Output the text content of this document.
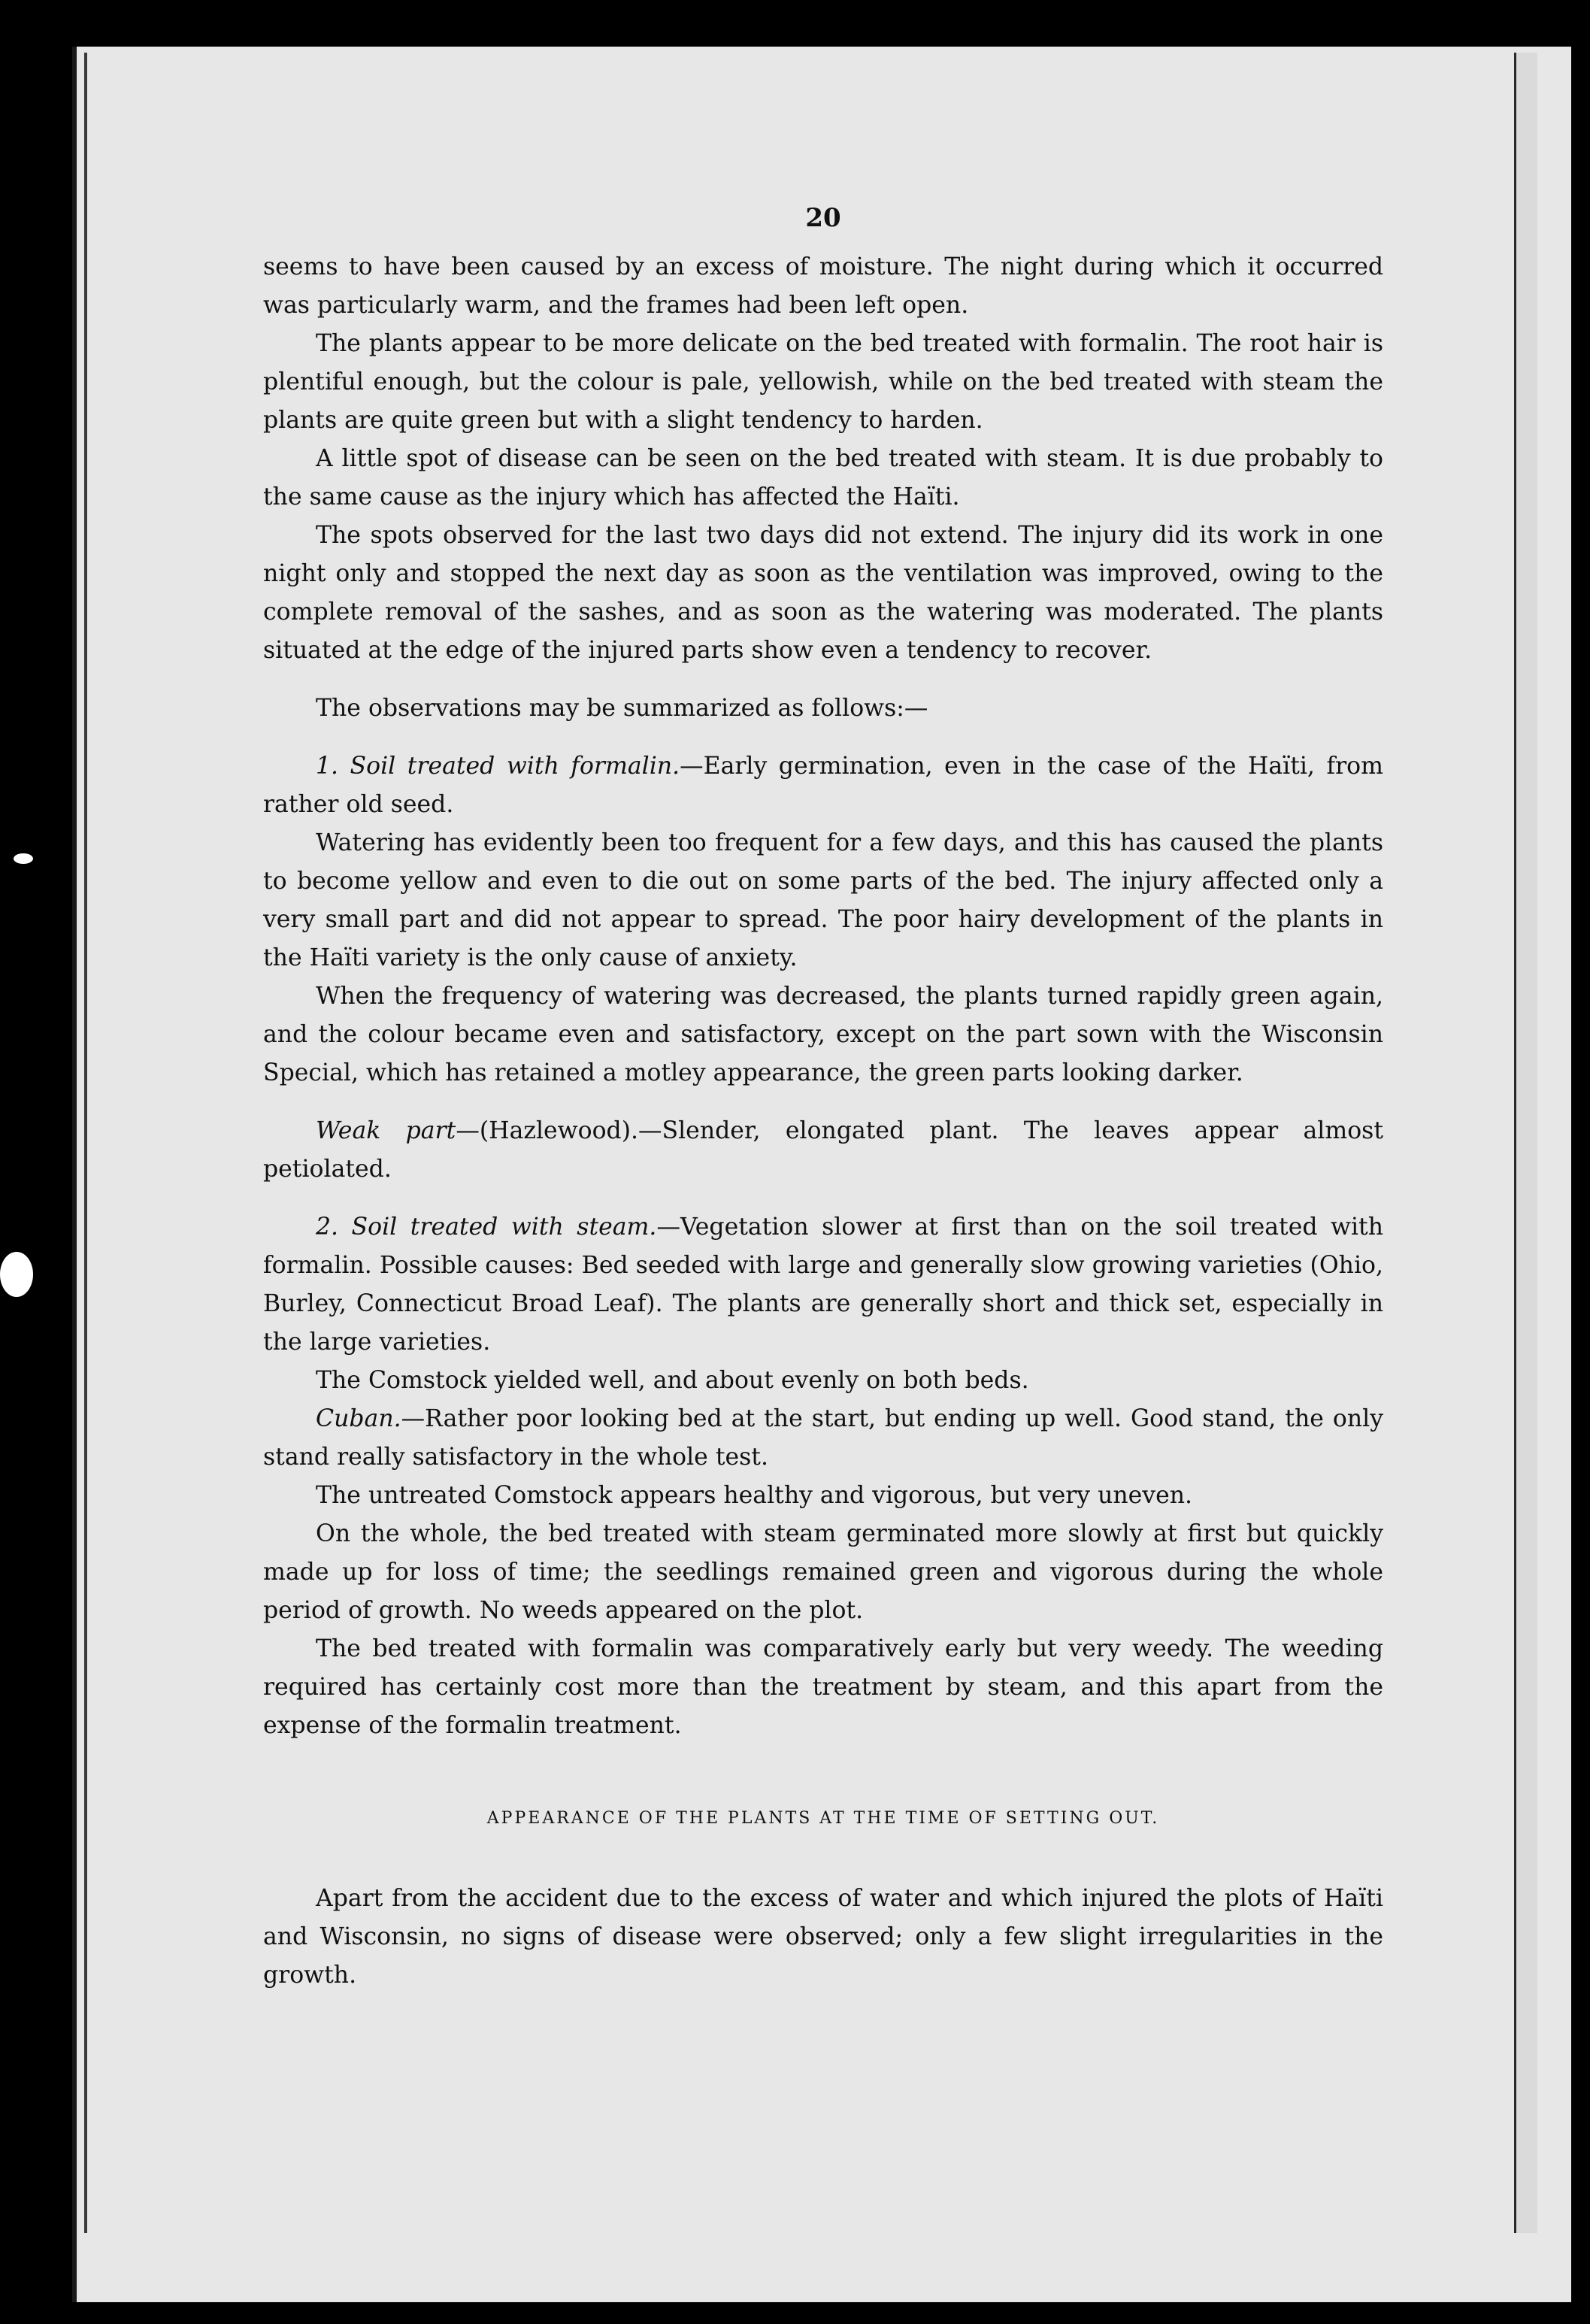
20

seems to have been caused by an excess of moisture. The night during which it occurred was particularly warm, and the frames had been left open.

The plants appear to be more delicate on the bed treated with formalin. The root hair is plentiful enough, but the colour is pale, yellowish, while on the bed treated with steam the plants are quite green but with a slight tendency to harden.

A little spot of disease can be seen on the bed treated with steam. It is due probably to the same cause as the injury which has affected the Haïti.

The spots observed for the last two days did not extend. The injury did its work in one night only and stopped the next day as soon as the ventilation was improved, owing to the complete removal of the sashes, and as soon as the watering was moderated. The plants situated at the edge of the injured parts show even a tendency to recover.

The observations may be summarized as follows:—

1. Soil treated with formalin.—Early germination, even in the case of the Haïti, from rather old seed.

Watering has evidently been too frequent for a few days, and this has caused the plants to become yellow and even to die out on some parts of the bed. The injury affected only a very small part and did not appear to spread. The poor hairy development of the plants in the Haïti variety is the only cause of anxiety.

When the frequency of watering was decreased, the plants turned rapidly green again, and the colour became even and satisfactory, except on the part sown with the Wisconsin Special, which has retained a motley appearance, the green parts looking darker.

Weak part—(Hazlewood).—Slender, elongated plant. The leaves appear almost petiolated.

2. Soil treated with steam.—Vegetation slower at first than on the soil treated with formalin. Possible causes: Bed seeded with large and generally slow growing varieties (Ohio, Burley, Connecticut Broad Leaf). The plants are generally short and thick set, especially in the large varieties.

The Comstock yielded well, and about evenly on both beds.

Cuban.—Rather poor looking bed at the start, but ending up well. Good stand, the only stand really satisfactory in the whole test.

The untreated Comstock appears healthy and vigorous, but very uneven.

On the whole, the bed treated with steam germinated more slowly at first but quickly made up for loss of time; the seedlings remained green and vigorous during the whole period of growth. No weeds appeared on the plot.

The bed treated with formalin was comparatively early but very weedy. The weeding required has certainly cost more than the treatment by steam, and this apart from the expense of the formalin treatment.

APPEARANCE OF THE PLANTS AT THE TIME OF SETTING OUT.

Apart from the accident due to the excess of water and which injured the plots of Haïti and Wisconsin, no signs of disease were observed; only a few slight irregularities in the growth.
